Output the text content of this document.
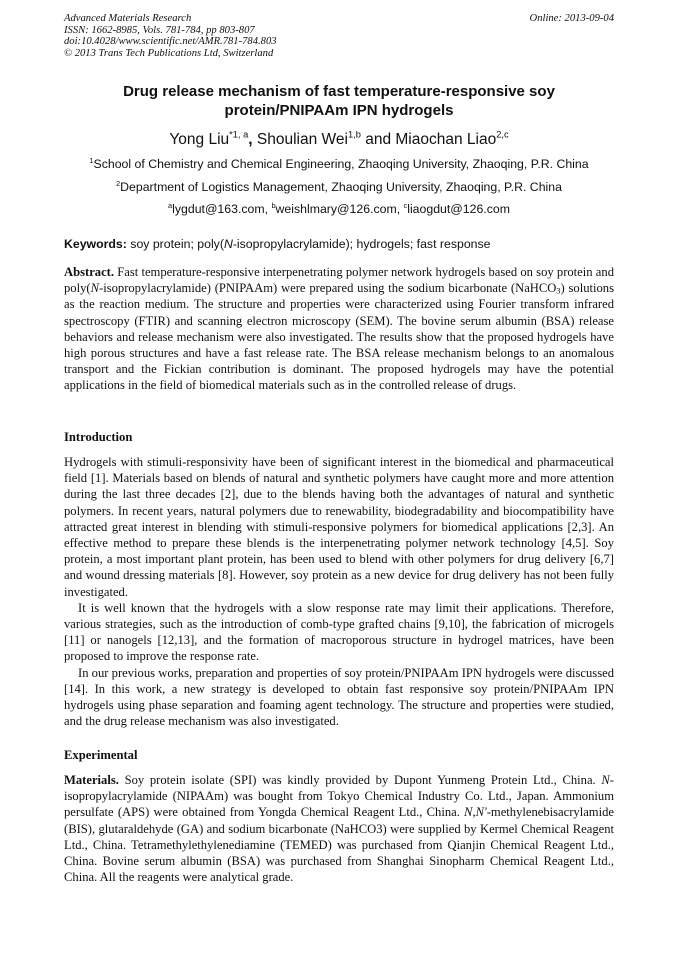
Advanced Materials Research
ISSN: 1662-8985, Vols. 781-784, pp 803-807
doi:10.4028/www.scientific.net/AMR.781-784.803
© 2013 Trans Tech Publications Ltd, Switzerland
Online: 2013-09-04
Drug release mechanism of fast temperature-responsive soy
protein/PNIPAAm IPN hydrogels
Yong Liu$^{*1, a}$, Shoulian Wei$^{1,b}$ and Miaochan Liao$^{2,c}$
$^1$School of Chemistry and Chemical Engineering, Zhaoqing University, Zhaoqing, P.R. China
$^2$Department of Logistics Management, Zhaoqing University, Zhaoqing, P.R. China
$^a$lygdut@163.com, $^b$weishlmary@126.com, $^c$liaogdut@126.com
Keywords: soy protein; poly(N-isopropylacrylamide); hydrogels; fast response
Abstract. Fast temperature-responsive interpenetrating polymer network hydrogels based on soy protein and poly(N-isopropylacrylamide) (PNIPAAm) were prepared using the sodium bicarbonate (NaHCO$_3$) solutions as the reaction medium. The structure and properties were characterized using Fourier transform infrared spectroscopy (FTIR) and scanning electron microscopy (SEM). The bovine serum albumin (BSA) release behaviors and release mechanism were also investigated. The results show that the proposed hydrogels have high porous structures and have a fast release rate. The BSA release mechanism belongs to an anomalous transport and the Fickian contribution is dominant. The proposed hydrogels may have the potential applications in the field of biomedical materials such as in the controlled release of drugs.
Introduction

Hydrogels with stimuli-responsivity have been of significant interest in the biomedical and pharmaceutical field [1]. Materials based on blends of natural and synthetic polymers have caught more and more attention during the last three decades [2], due to the blends having both the advantages of natural and synthetic polymers. In recent years, natural polymers due to renewability, biodegradability and biocompatibility have attracted great interest in blending with stimuli-responsive polymers for biomedical applications [2,3]. An effective method to prepare these blends is the interpenetrating polymer network technology [4,5]. Soy protein, a most important plant protein, has been used to blend with other polymers for drug delivery [6,7] and wound dressing materials [8]. However, soy protein as a new device for drug delivery has not been fully investigated.

It is well known that the hydrogels with a slow response rate may limit their applications. Therefore, various strategies, such as the introduction of comb-type grafted chains [9,10], the fabrication of microgels [11] or nanogels [12,13], and the formation of macroporous structure in hydrogel matrices, have been proposed to improve the response rate.

In our previous works, preparation and properties of soy protein/PNIPAAm IPN hydrogels were discussed [14]. In this work, a new strategy is developed to obtain fast responsive soy protein/PNIPAAm IPN hydrogels using phase separation and foaming agent technology. The structure and properties were studied, and the drug release mechanism was also investigated.

Experimental
Materials. Soy protein isolate (SPI) was kindly provided by Dupont Yunmeng Protein Ltd., China. N-isopropylacrylamide (NIPAAm) was bought from Tokyo Chemical Industry Co. Ltd., Japan. Ammonium persulfate (APS) were obtained from Yongda Chemical Reagent Ltd., China. N,N'-methylenebisacrylamide (BIS), glutaraldehyde (GA) and sodium bicarbonate (NaHCO3) were supplied by Kermel Chemical Reagent Ltd., China. Tetramethylethylenediamine (TEMED) was purchased from Qianjin Chemical Reagent Ltd., China. Bovine serum albumin (BSA) was purchased from Shanghai Sinopharm Chemical Reagent Ltd., China. All the reagents were analytical grade.
